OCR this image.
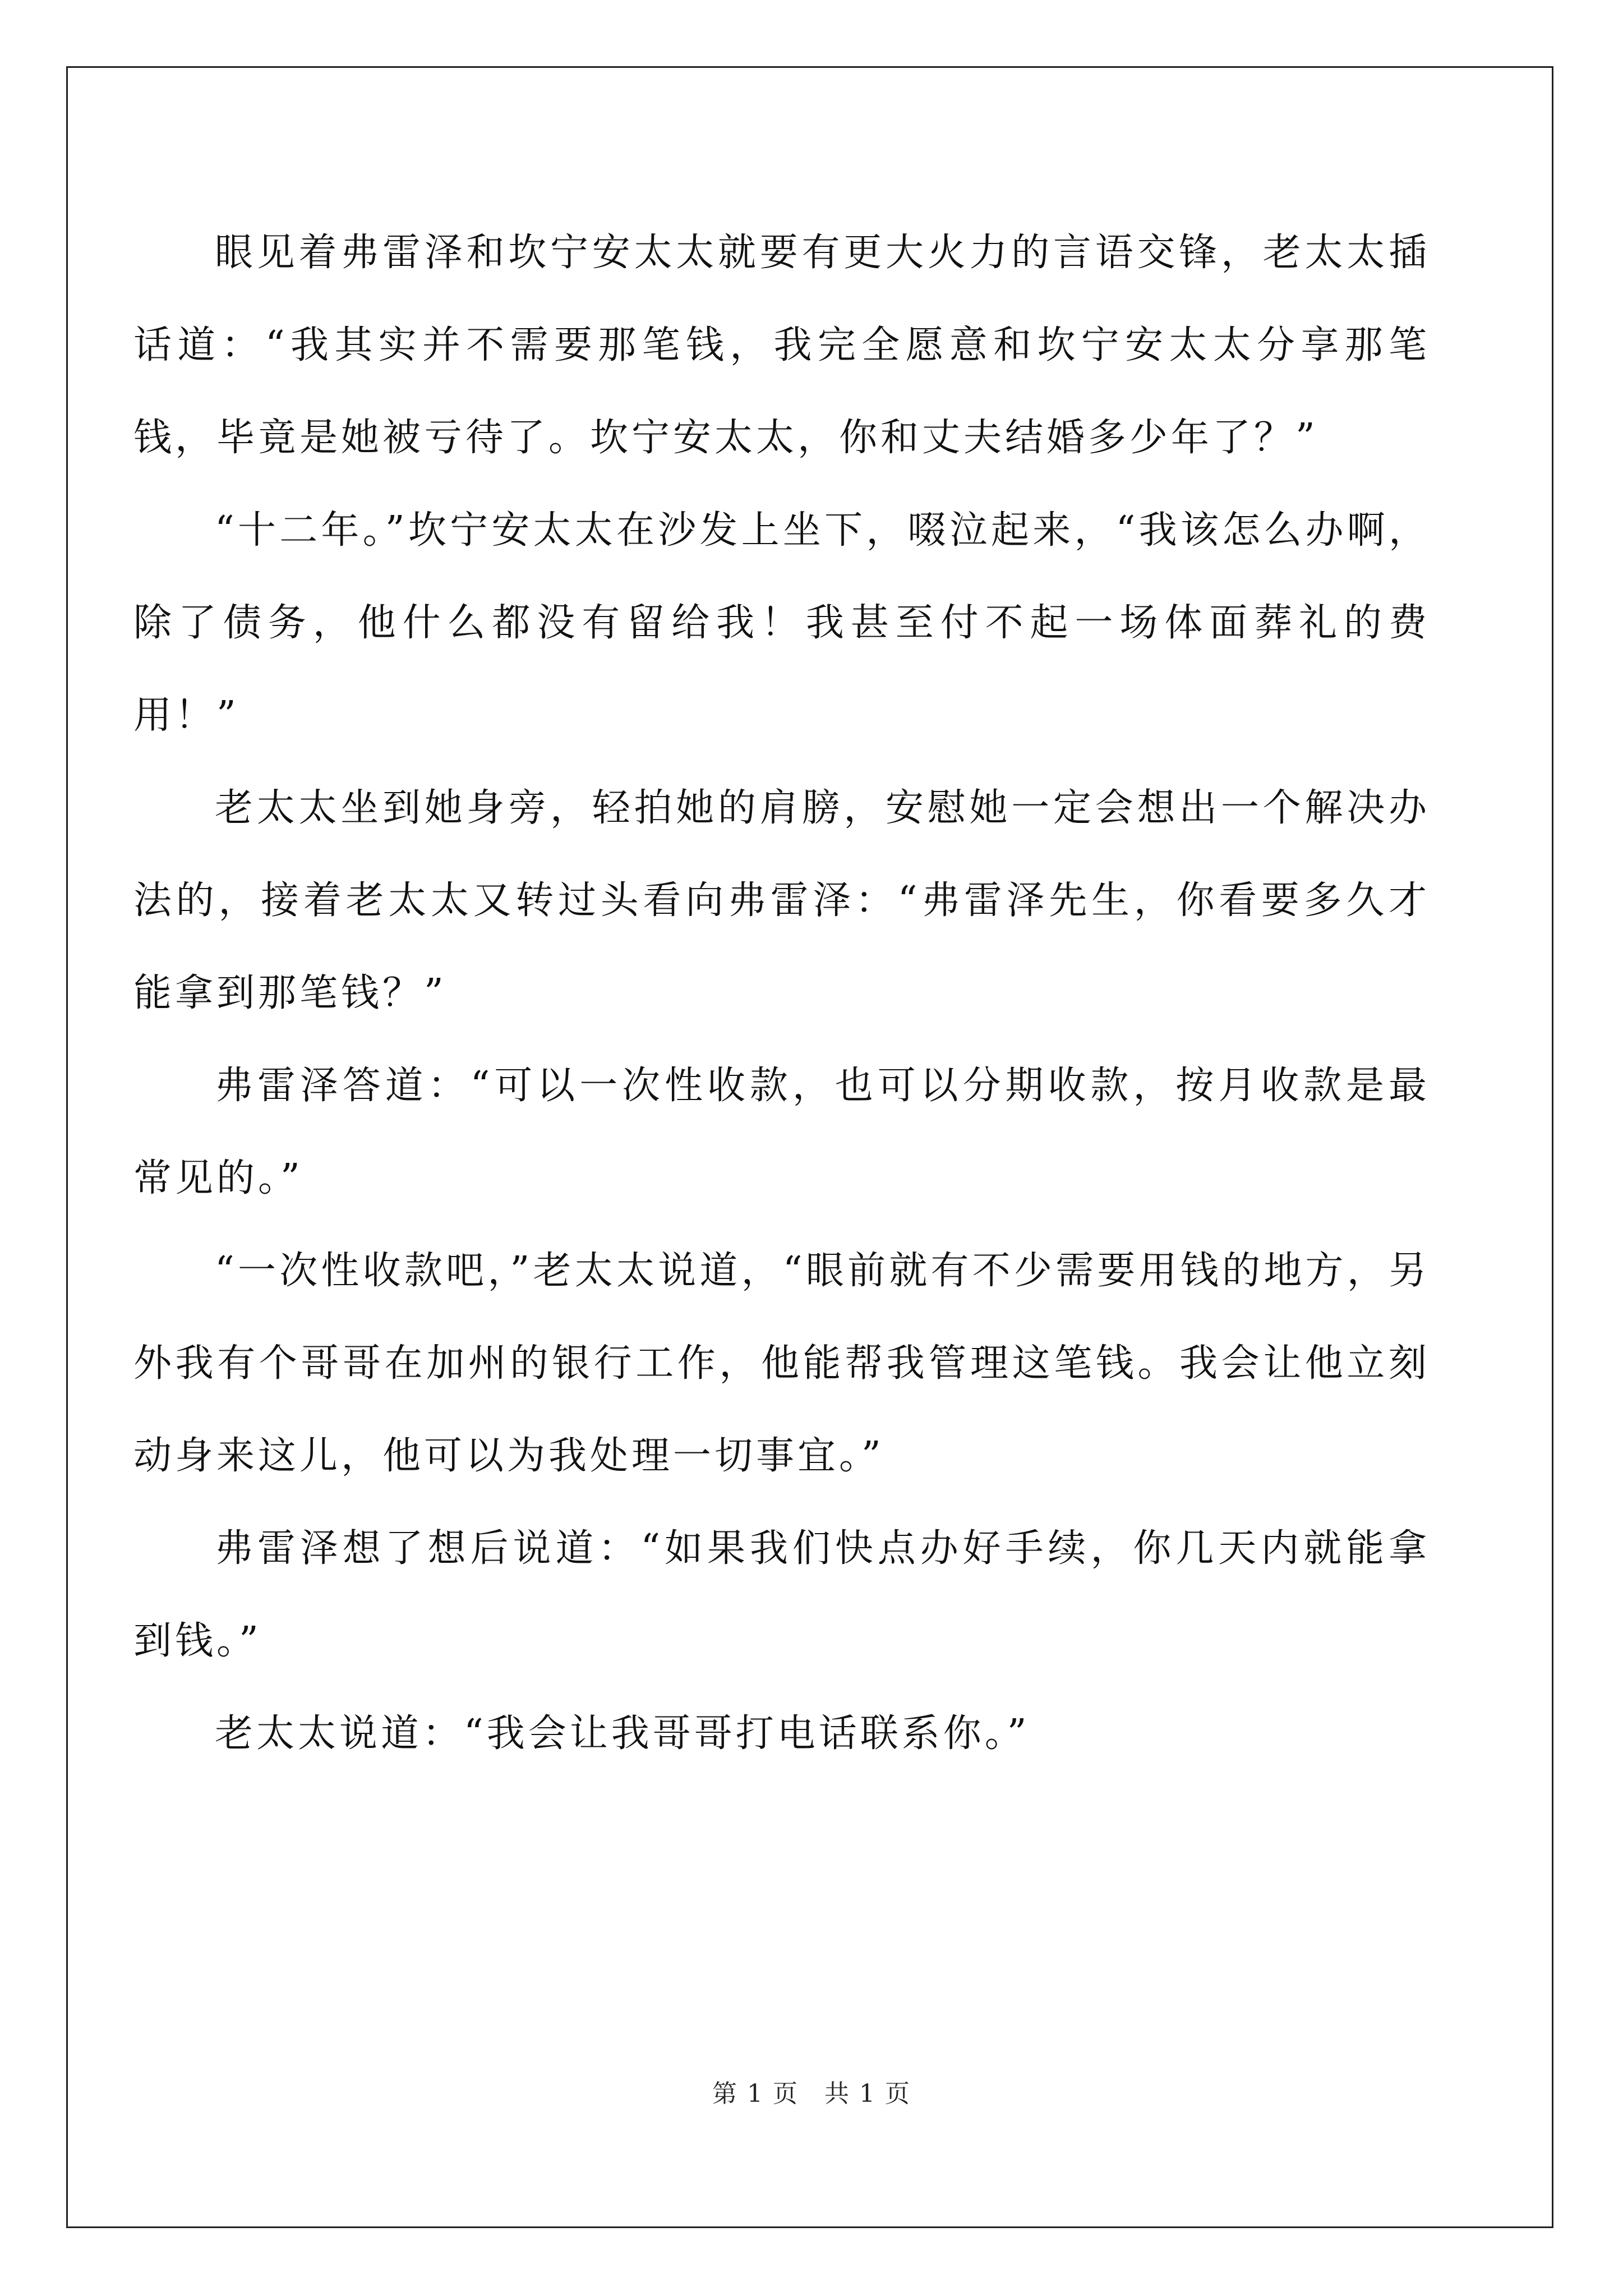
眼见着弗雷泽和坎宁安太太就要有更大火力的言语交锋，老太太插话道：“我其实并不需要那笔钱，我完全愿意和坎宁安太太分享那笔钱，毕竟是她被亏待了。坎宁安太太，你和丈夫结婚多少年了？”

“十二年。”坎宁安太太在沙发上坐下，啜泣起来，“我该怎么办啊，除了债务，他什么都没有留给我！我甚至付不起一场体面葬礼的费用！”

老太太坐到她身旁，轻拍她的肩膀，安慰她一定会想出一个解决办法的，接着老太太又转过头看向弗雷泽：“弗雷泽先生，你看要多久才能拿到那笔钱？”

弗雷泽答道：“可以一次性收款，也可以分期收款，按月收款是最常见的。”

“一次性收款吧，”老太太说道，“眼前就有不少需要用钱的地方，另外我有个哥哥在加州的银行工作，他能帮我管理这笔钱。我会让他立刻动身来这儿，他可以为我处理一切事宜。”

弗雷泽想了想后说道：“如果我们快点办好手续，你几天内就能拿到钱。”

老太太说道：“我会让我哥哥打电话联系你。”

第 1 页　共 1 页
